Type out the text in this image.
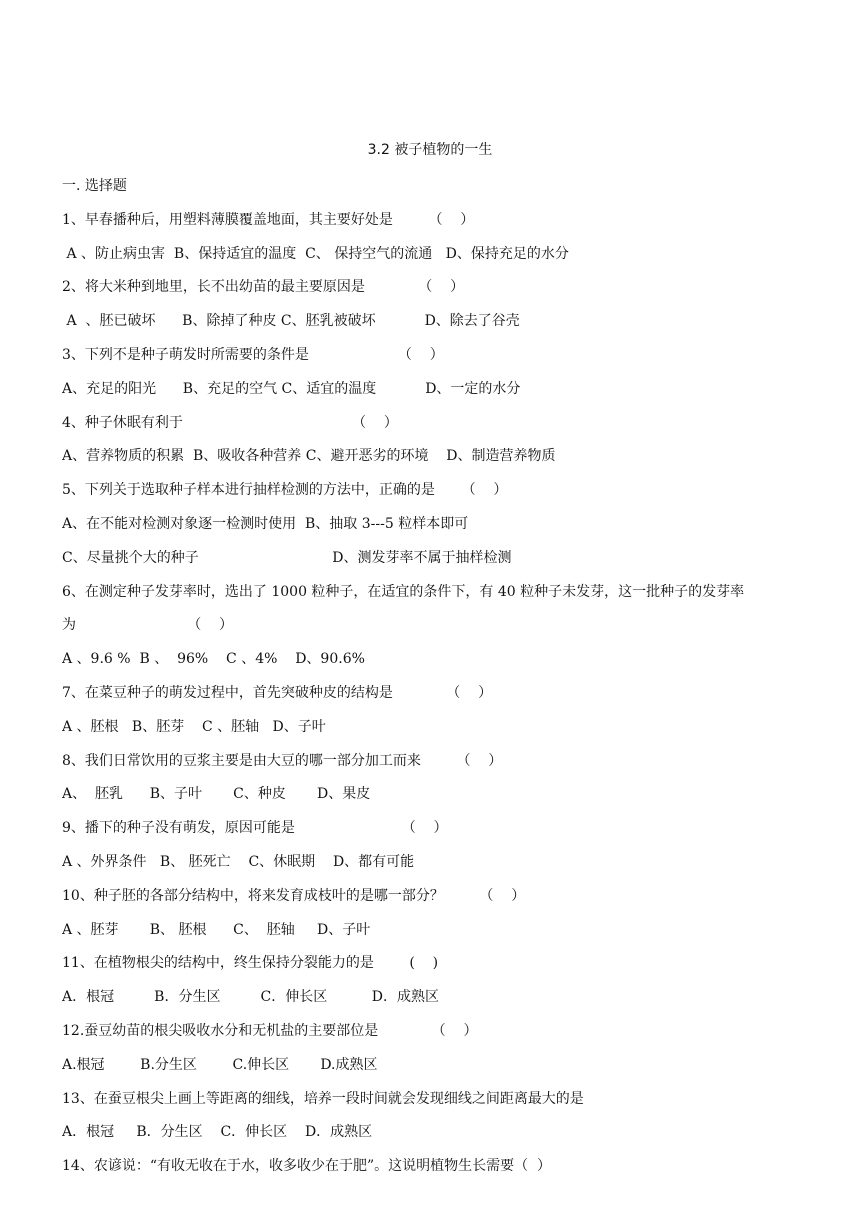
3.2 被子植物的一生
一. 选择题
1、早春播种后，用塑料薄膜覆盖地面，其主要好处是        （    ）
A 、防止病虫害  B、保持适宜的温度  C、 保持空气的流通   D、保持充足的水分
2、将大米种到地里，长不出幼苗的最主要原因是            （    ）
A  、胚已破坏      B、除掉了种皮 C、胚乳被破坏           D、除去了谷壳
3、下列不是种子萌发时所需要的条件是                    （    ）
A、充足的阳光      B、充足的空气 C、适宜的温度           D、一定的水分
4、种子休眠有利于                                      （    ）
A、营养物质的积累  B、吸收各种营养 C、避开恶劣的环境    D、制造营养物质
5、下列关于选取种子样本进行抽样检测的方法中，正确的是      （    ）
A、在不能对检测对象逐一检测时使用  B、抽取 3---5 粒样本即可
C、尽量挑个大的种子                              D、测发芽率不属于抽样检测
6、在测定种子发芽率时，选出了 1000 粒种子，在适宜的条件下，有 40 粒种子未发芽，这一批种子的发芽率
为                         （    ）
A 、9.6 %  B 、  96%    C 、4%    D、90.6%
7、在菜豆种子的萌发过程中，首先突破种皮的结构是            （    ）
A 、胚根   B、胚芽    C 、胚轴   D、子叶
8、我们日常饮用的豆浆主要是由大豆的哪一部分加工而来        （    ）
A、  胚乳      B、子叶       C、种皮       D、果皮
9、播下的种子没有萌发，原因可能是                        （    ）
A 、外界条件   B、 胚死亡    C、休眠期    D、都有可能
10、种子胚的各部分结构中，将来发育成枝叶的是哪一部分？        （    ）
A 、胚芽       B、 胚根      C、  胚轴     D、子叶
11、在植物根尖的结构中，终生保持分裂能力的是        (    )
A．根冠         B．分生区         C．伸长区          D．成熟区
12.蚕豆幼苗的根尖吸收水分和无机盐的主要部位是            （    ）
A.根冠        B.分生区        C.伸长区       D.成熟区
13、在蚕豆根尖上画上等距离的细线，培养一段时间就会发现细线之间距离最大的是
A．根冠     B．分生区    C．伸长区    D．成熟区
14、农谚说：“有收无收在于水，收多收少在于肥”。这说明植物生长需要（  ）
